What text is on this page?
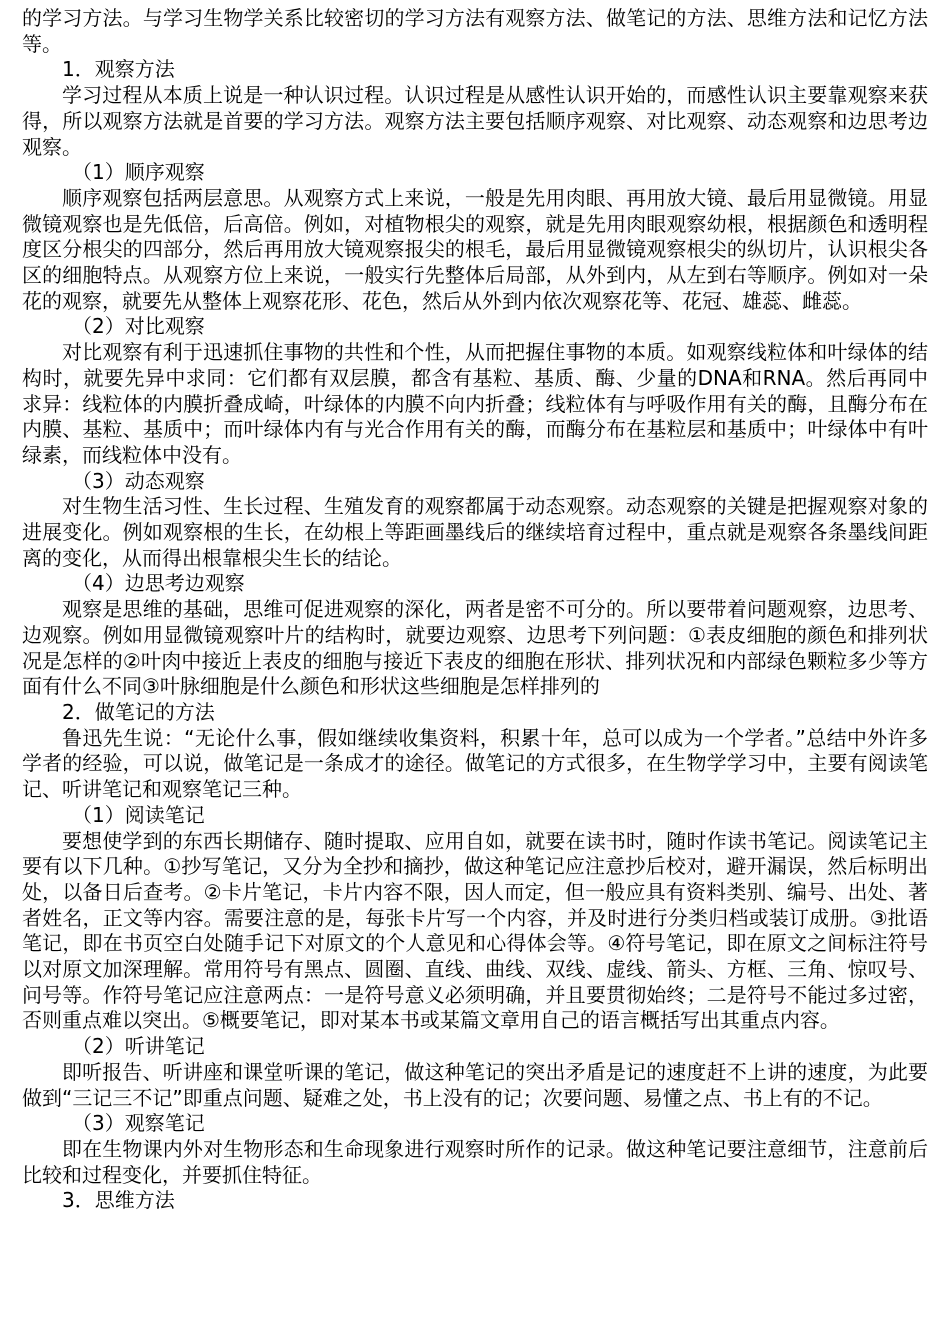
的学习方法。与学习生物学关系比较密切的学习方法有观察方法、做笔记的方法、思维方法和记忆方法等。

1．观察方法

学习过程从本质上说是一种认识过程。认识过程是从感性认识开始的，而感性认识主要靠观察来获得，所以观察方法就是首要的学习方法。观察方法主要包括顺序观察、对比观察、动态观察和边思考边观察。

（1）顺序观察

顺序观察包括两层意思。从观察方式上来说，一般是先用肉眼、再用放大镜、最后用显微镜。用显微镜观察也是先低倍，后高倍。例如，对植物根尖的观察，就是先用肉眼观察幼根，根据颜色和透明程度区分根尖的四部分，然后再用放大镜观察报尖的根毛，最后用显微镜观察根尖的纵切片，认识根尖各区的细胞特点。从观察方位上来说，一般实行先整体后局部，从外到内，从左到右等顺序。例如对一朵花的观察，就要先从整体上观察花形、花色，然后从外到内依次观察花等、花冠、雄蕊、雌蕊。

（2）对比观察

对比观察有利于迅速抓住事物的共性和个性，从而把握住事物的本质。如观察线粒体和叶绿体的结构时，就要先异中求同：它们都有双层膜，都含有基粒、基质、酶、少量的DNA和RNA。然后再同中求异：线粒体的内膜折叠成崎，叶绿体的内膜不向内折叠；线粒体有与呼吸作用有关的酶，且酶分布在内膜、基粒、基质中；而叶绿体内有与光合作用有关的酶，而酶分布在基粒层和基质中；叶绿体中有叶绿素，而线粒体中没有。

（3）动态观察

对生物生活习性、生长过程、生殖发育的观察都属于动态观察。动态观察的关键是把握观察对象的进展变化。例如观察根的生长，在幼根上等距画墨线后的继续培育过程中，重点就是观察各条墨线间距离的变化，从而得出根靠根尖生长的结论。

（4）边思考边观察

观察是思维的基础，思维可促进观察的深化，两者是密不可分的。所以要带着问题观察，边思考、边观察。例如用显微镜观察叶片的结构时，就要边观察、边思考下列问题：①表皮细胞的颜色和排列状况是怎样的②叶肉中接近上表皮的细胞与接近下表皮的细胞在形状、排列状况和内部绿色颗粒多少等方面有什么不同③叶脉细胞是什么颜色和形状这些细胞是怎样排列的

2．做笔记的方法

鲁迅先生说：“无论什么事，假如继续收集资料，积累十年，总可以成为一个学者。”总结中外许多学者的经验，可以说，做笔记是一条成才的途径。做笔记的方式很多，在生物学学习中，主要有阅读笔记、听讲笔记和观察笔记三种。

（1）阅读笔记

要想使学到的东西长期储存、随时提取、应用自如，就要在读书时，随时作读书笔记。阅读笔记主要有以下几种。①抄写笔记，又分为全抄和摘抄，做这种笔记应注意抄后校对，避开漏误，然后标明出处，以备日后查考。②卡片笔记，卡片内容不限，因人而定，但一般应具有资料类别、编号、出处、著者姓名，正文等内容。需要注意的是，每张卡片写一个内容，并及时进行分类归档或装订成册。③批语笔记，即在书页空白处随手记下对原文的个人意见和心得体会等。④符号笔记，即在原文之间标注符号以对原文加深理解。常用符号有黑点、圆圈、直线、曲线、双线、虚线、箭头、方框、三角、惊叹号、问号等。作符号笔记应注意两点：一是符号意义必须明确，并且要贯彻始终；二是符号不能过多过密，否则重点难以突出。⑤概要笔记，即对某本书或某篇文章用自己的语言概括写出其重点内容。

（2）听讲笔记

即听报告、听讲座和课堂听课的笔记，做这种笔记的突出矛盾是记的速度赶不上讲的速度，为此要做到“三记三不记”即重点问题、疑难之处，书上没有的记；次要问题、易懂之点、书上有的不记。

（3）观察笔记

即在生物课内外对生物形态和生命现象进行观察时所作的记录。做这种笔记要注意细节，注意前后比较和过程变化，并要抓住特征。

3．思维方法
